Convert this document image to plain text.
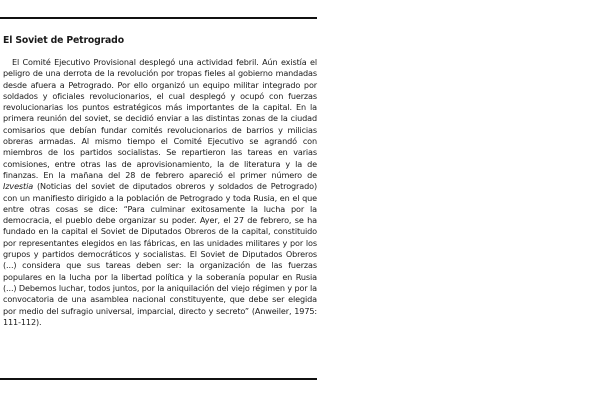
El Soviet de Petrogrado

El Comité Ejecutivo Provisional desplegó una actividad febril. Aún existía el peligro de una derrota de la revolución por tropas fieles al gobierno mandadas desde afuera a Petrogrado. Por ello organizó un equipo militar integrado por soldados y oficiales revolucionarios, el cual desplegó y ocupó con fuerzas revolucionarias los puntos estratégicos más importantes de la capital. En la primera reunión del soviet, se decidió enviar a las distintas zonas de la ciudad comisarios que debían fundar comités revolucionarios de barrios y milicias obreras armadas. Al mismo tiempo el Comité Ejecutivo se agrandó con miembros de los partidos socialistas. Se repartieron las tareas en varias comisiones, entre otras las de aprovisionamiento, la de literatura y la de finanzas. En la mañana del 28 de febrero apareció el primer número de Izvestia (Noticias del soviet de diputados obreros y soldados de Petrogrado) con un manifiesto dirigido a la población de Petrogrado y toda Rusia, en el que entre otras cosas se dice: “Para culminar exitosamente la lucha por la democracia, el pueblo debe organizar su poder. Ayer, el 27 de febrero, se ha fundado en la capital el Soviet de Diputados Obreros de la capital, constituido por representantes elegidos en las fábricas, en las unidades militares y por los grupos y partidos democráticos y socialistas. El Soviet de Diputados Obreros (...) considera que sus tareas deben ser: la organización de las fuerzas populares en la lucha por la libertad política y la soberanía popular en Rusia (...) Debemos luchar, todos juntos, por la aniquilación del viejo régimen y por la convocatoria de una asamblea nacional constituyente, que debe ser elegida por medio del sufragio universal, imparcial, directo y secreto” (Anweiler, 1975: 111-112).
